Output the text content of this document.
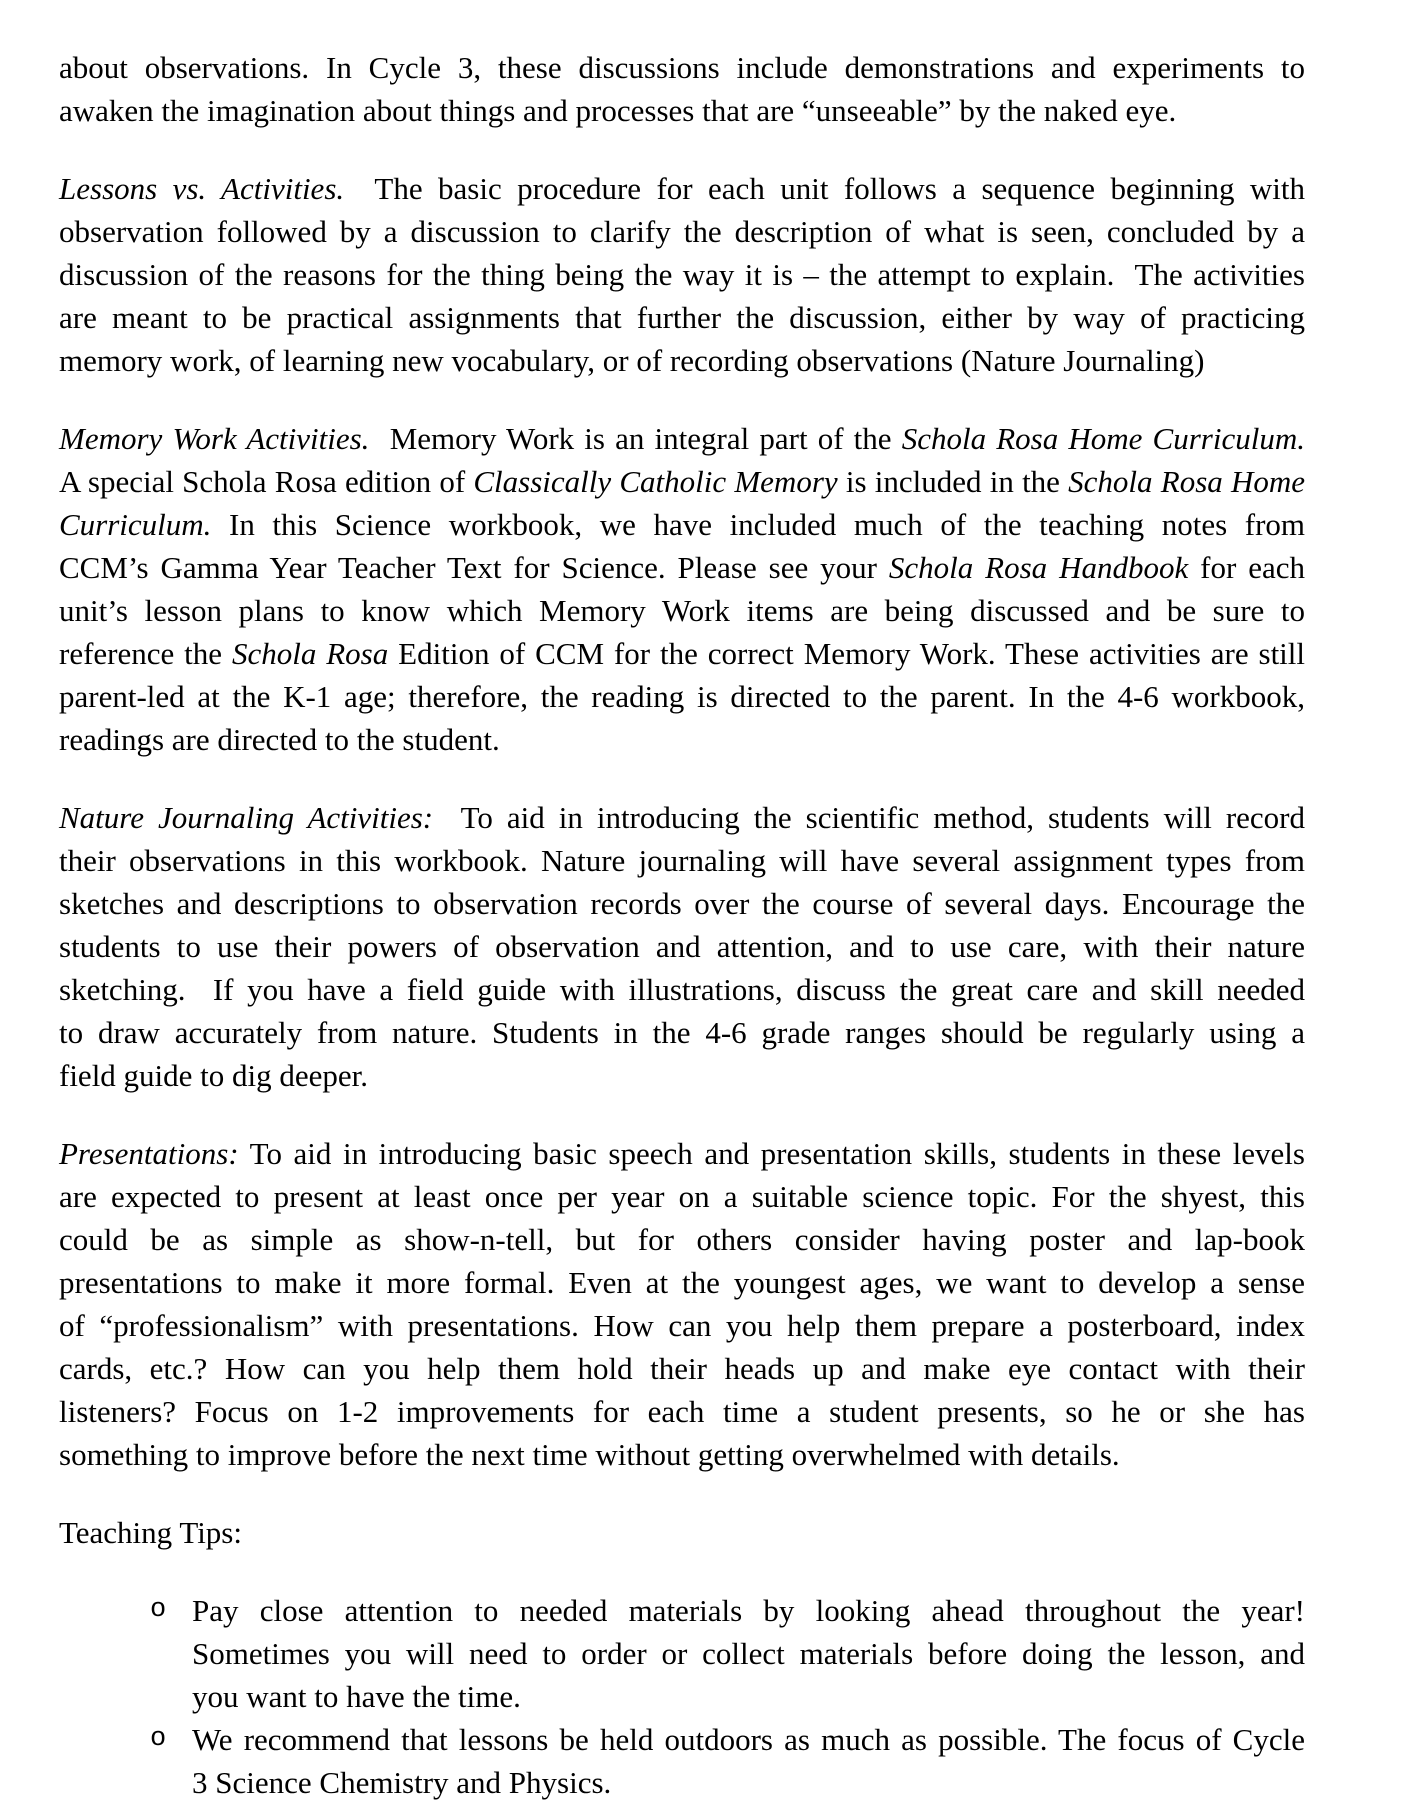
about observations. In Cycle 3, these discussions include demonstrations and experiments to
awaken the imagination about things and processes that are “unseeable” by the naked eye.
Lessons vs. Activities.  The basic procedure for each unit follows a sequence beginning with
observation followed by a discussion to clarify the description of what is seen, concluded by a
discussion of the reasons for the thing being the way it is – the attempt to explain.  The activities
are meant to be practical assignments that further the discussion, either by way of practicing
memory work, of learning new vocabulary, or of recording observations (Nature Journaling)
Memory Work Activities.  Memory Work is an integral part of the Schola Rosa Home Curriculum.
A special Schola Rosa edition of Classically Catholic Memory is included in the Schola Rosa Home
Curriculum. In this Science workbook, we have included much of the teaching notes from
CCM’s Gamma Year Teacher Text for Science. Please see your Schola Rosa Handbook for each
unit’s lesson plans to know which Memory Work items are being discussed and be sure to
reference the Schola Rosa Edition of CCM for the correct Memory Work. These activities are still
parent-led at the K-1 age; therefore, the reading is directed to the parent. In the 4-6 workbook,
readings are directed to the student.
Nature Journaling Activities:  To aid in introducing the scientific method, students will record
their observations in this workbook. Nature journaling will have several assignment types from
sketches and descriptions to observation records over the course of several days. Encourage the
students to use their powers of observation and attention, and to use care, with their nature
sketching.  If you have a field guide with illustrations, discuss the great care and skill needed
to draw accurately from nature. Students in the 4-6 grade ranges should be regularly using a
field guide to dig deeper.
Presentations: To aid in introducing basic speech and presentation skills, students in these levels
are expected to present at least once per year on a suitable science topic. For the shyest, this
could be as simple as show-n-tell, but for others consider having poster and lap-book
presentations to make it more formal. Even at the youngest ages, we want to develop a sense
of “professionalism” with presentations. How can you help them prepare a posterboard, index
cards, etc.? How can you help them hold their heads up and make eye contact with their
listeners? Focus on 1-2 improvements for each time a student presents, so he or she has
something to improve before the next time without getting overwhelmed with details.
Teaching Tips:
o Pay close attention to needed materials by looking ahead throughout the year!
Sometimes you will need to order or collect materials before doing the lesson, and
you want to have the time.
o We recommend that lessons be held outdoors as much as possible. The focus of Cycle
3 Science Chemistry and Physics.
